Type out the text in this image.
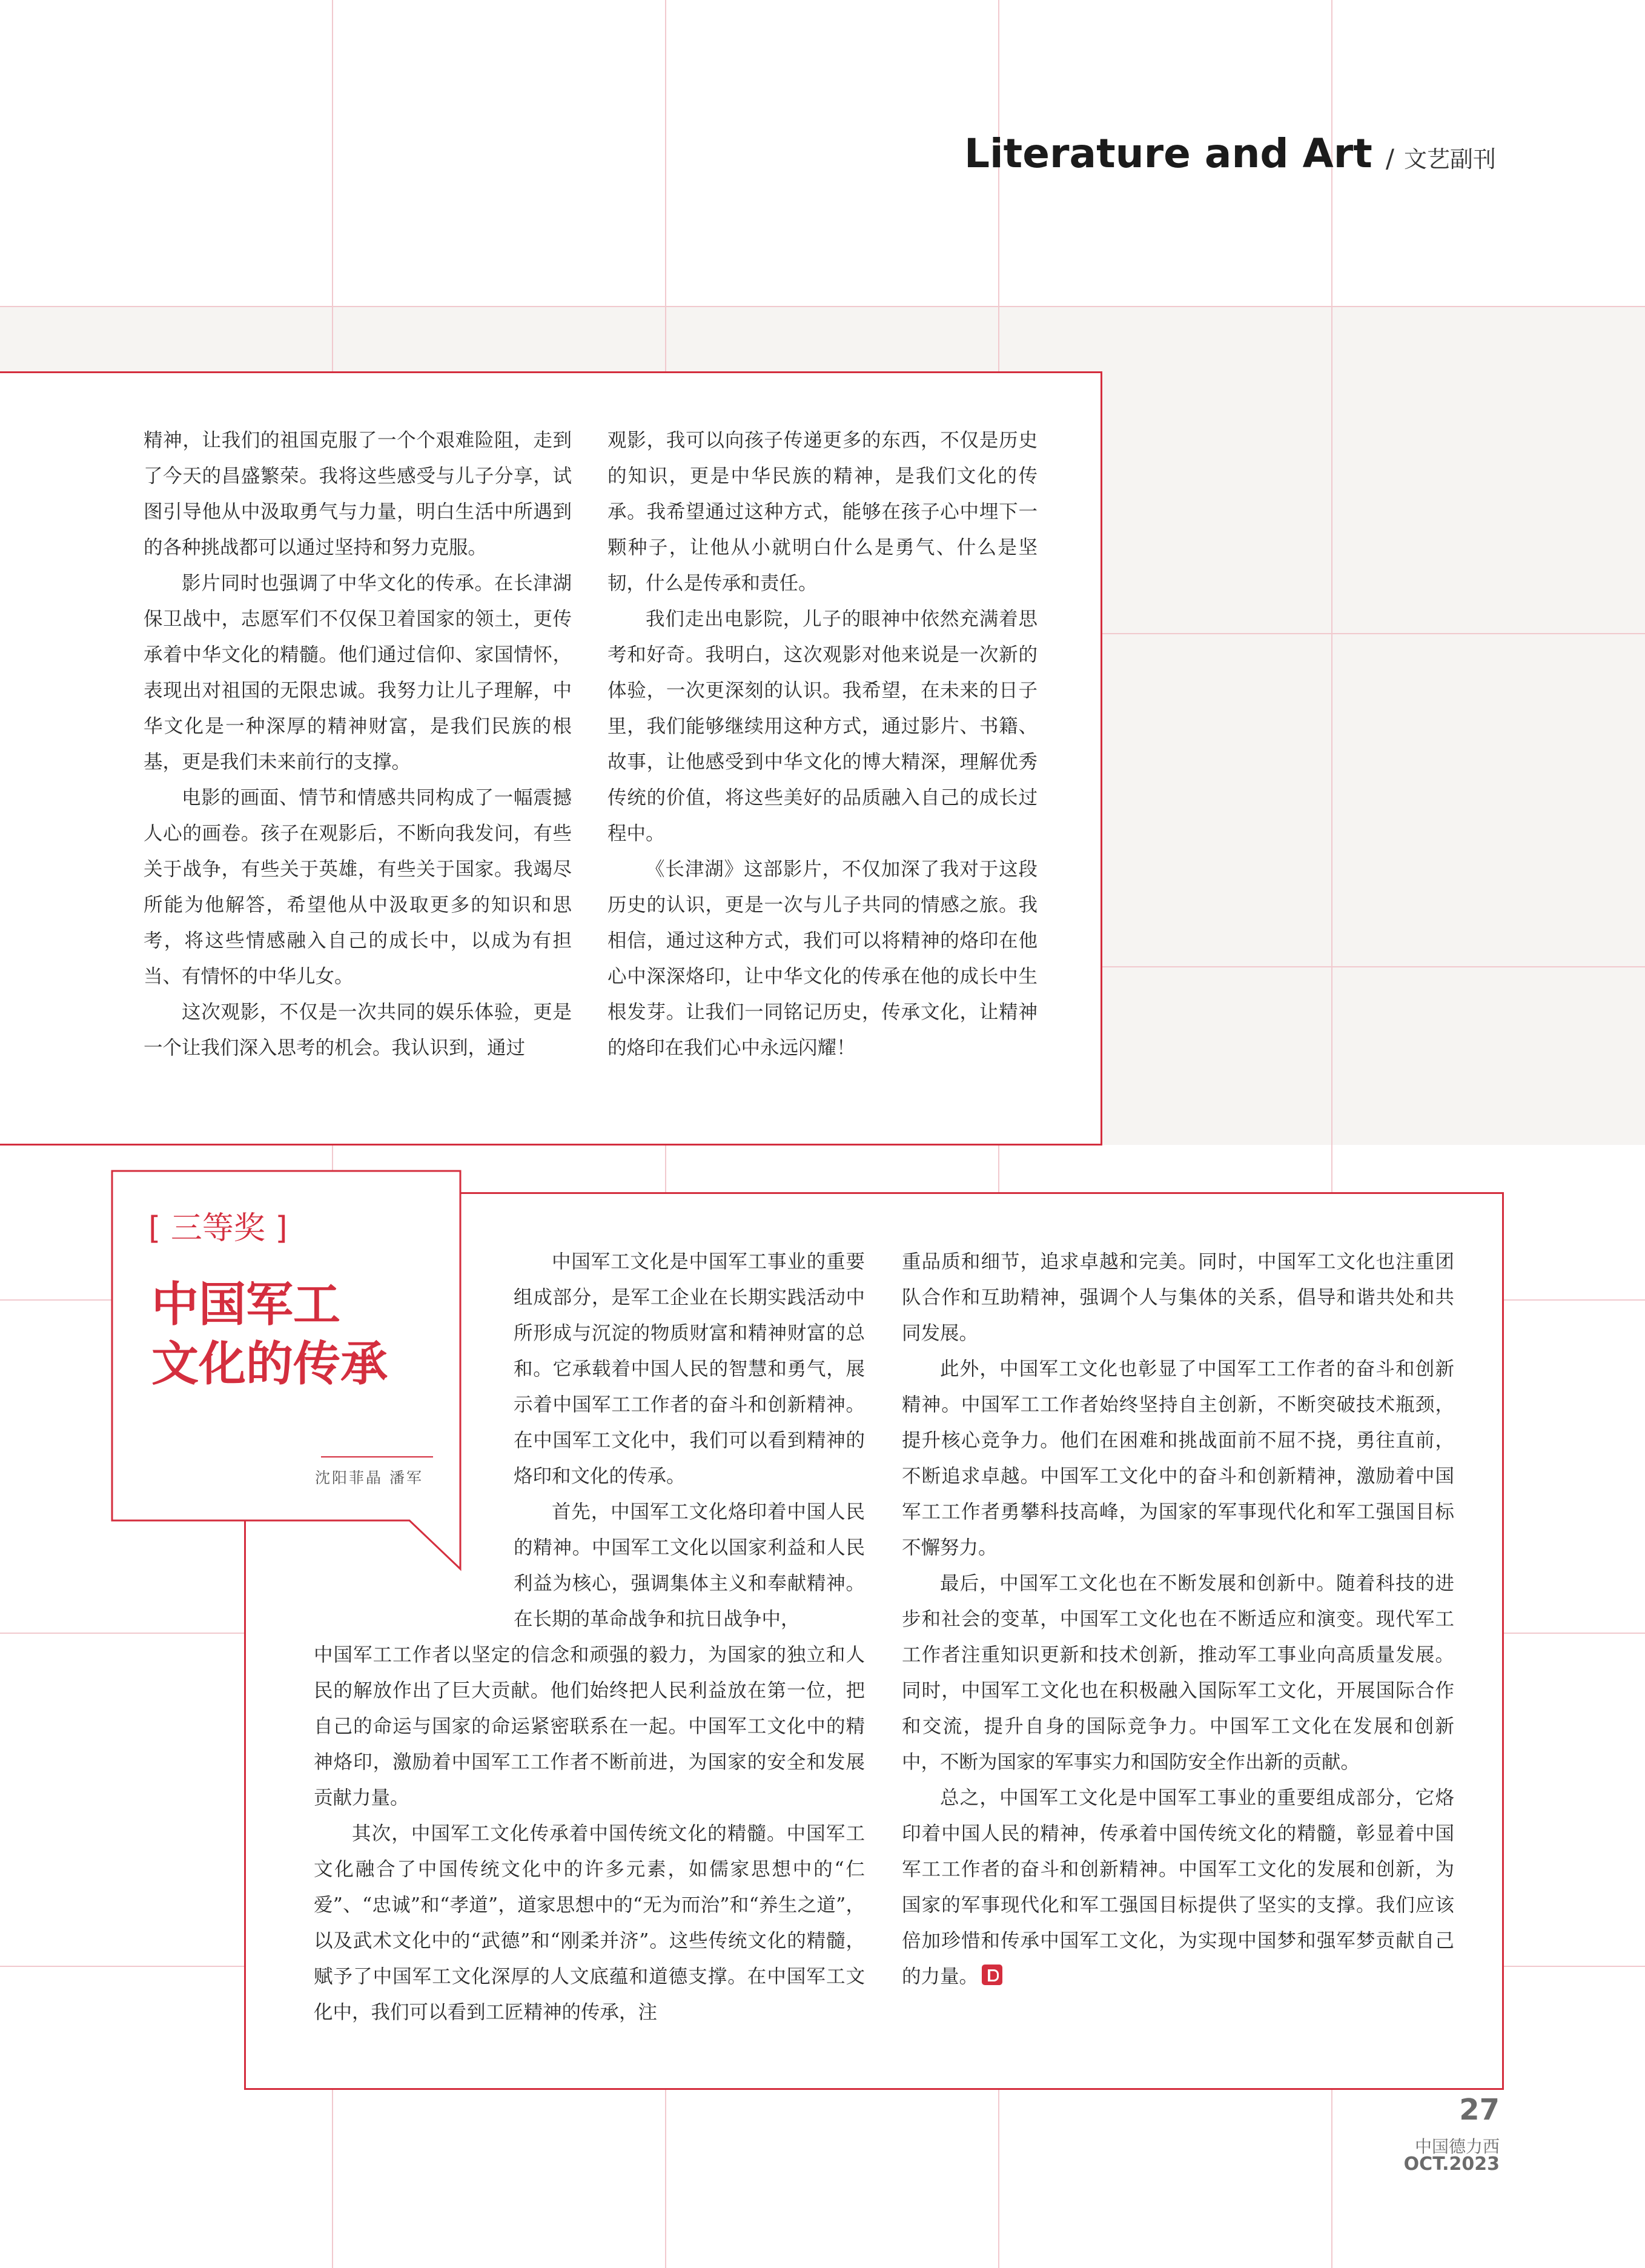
Literature and Art / 文艺副刊

精神，让我们的祖国克服了一个个艰难险阻，走到了今天的昌盛繁荣。我将这些感受与儿子分享，试图引导他从中汲取勇气与力量，明白生活中所遇到的各种挑战都可以通过坚持和努力克服。

影片同时也强调了中华文化的传承。在长津湖保卫战中，志愿军们不仅保卫着国家的领土，更传承着中华文化的精髓。他们通过信仰、家国情怀，表现出对祖国的无限忠诚。我努力让儿子理解，中华文化是一种深厚的精神财富，是我们民族的根基，更是我们未来前行的支撑。

电影的画面、情节和情感共同构成了一幅震撼人心的画卷。孩子在观影后，不断向我发问，有些关于战争，有些关于英雄，有些关于国家。我竭尽所能为他解答，希望他从中汲取更多的知识和思考，将这些情感融入自己的成长中，以成为有担当、有情怀的中华儿女。

这次观影，不仅是一次共同的娱乐体验，更是一个让我们深入思考的机会。我认识到，通过

观影，我可以向孩子传递更多的东西，不仅是历史的知识，更是中华民族的精神，是我们文化的传承。我希望通过这种方式，能够在孩子心中埋下一颗种子，让他从小就明白什么是勇气、什么是坚韧，什么是传承和责任。

我们走出电影院，儿子的眼神中依然充满着思考和好奇。我明白，这次观影对他来说是一次新的体验，一次更深刻的认识。我希望，在未来的日子里，我们能够继续用这种方式，通过影片、书籍、故事，让他感受到中华文化的博大精深，理解优秀传统的价值，将这些美好的品质融入自己的成长过程中。

《长津湖》这部影片，不仅加深了我对于这段历史的认识，更是一次与儿子共同的情感之旅。我相信，通过这种方式，我们可以将精神的烙印在他心中深深烙印，让中华文化的传承在他的成长中生根发芽。让我们一同铭记历史，传承文化，让精神的烙印在我们心中永远闪耀！

[ 三等奖 ]
中国军工
文化的传承
沈阳菲晶 潘军

中国军工文化是中国军工事业的重要组成部分，是军工企业在长期实践活动中所形成与沉淀的物质财富和精神财富的总和。它承载着中国人民的智慧和勇气，展示着中国军工工作者的奋斗和创新精神。在中国军工文化中，我们可以看到精神的烙印和文化的传承。

首先，中国军工文化烙印着中国人民的精神。中国军工文化以国家利益和人民利益为核心，强调集体主义和奉献精神。在长期的革命战争和抗日战争中，

中国军工工作者以坚定的信念和顽强的毅力，为国家的独立和人民的解放作出了巨大贡献。他们始终把人民利益放在第一位，把自己的命运与国家的命运紧密联系在一起。中国军工文化中的精神烙印，激励着中国军工工作者不断前进，为国家的安全和发展贡献力量。

其次，中国军工文化传承着中国传统文化的精髓。中国军工文化融合了中国传统文化中的许多元素，如儒家思想中的“仁爱”、“忠诚”和“孝道”，道家思想中的“无为而治”和“养生之道”，以及武术文化中的“武德”和“刚柔并济”。这些传统文化的精髓，赋予了中国军工文化深厚的人文底蕴和道德支撑。在中国军工文化中，我们可以看到工匠精神的传承，注

重品质和细节，追求卓越和完美。同时，中国军工文化也注重团队合作和互助精神，强调个人与集体的关系，倡导和谐共处和共同发展。

此外，中国军工文化也彰显了中国军工工作者的奋斗和创新精神。中国军工工作者始终坚持自主创新，不断突破技术瓶颈，提升核心竞争力。他们在困难和挑战面前不屈不挠，勇往直前，不断追求卓越。中国军工文化中的奋斗和创新精神，激励着中国军工工作者勇攀科技高峰，为国家的军事现代化和军工强国目标不懈努力。

最后，中国军工文化也在不断发展和创新中。随着科技的进步和社会的变革，中国军工文化也在不断适应和演变。现代军工工作者注重知识更新和技术创新，推动军工事业向高质量发展。同时，中国军工文化也在积极融入国际军工文化，开展国际合作和交流，提升自身的国际竞争力。中国军工文化在发展和创新中，不断为国家的军事实力和国防安全作出新的贡献。

总之，中国军工文化是中国军工事业的重要组成部分，它烙印着中国人民的精神，传承着中国传统文化的精髓，彰显着中国军工工作者的奋斗和创新精神。中国军工文化的发展和创新，为国家的军事现代化和军工强国目标提供了坚实的支撑。我们应该倍加珍惜和传承中国军工文化，为实现中国梦和强军梦贡献自己的力量。

27
中国德力西
OCT.2023
